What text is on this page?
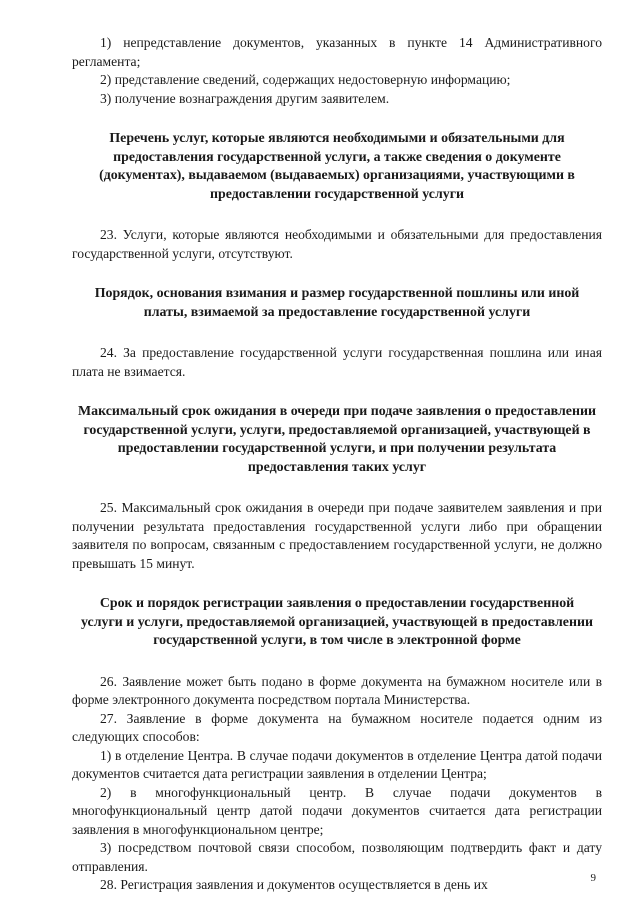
1) непредставление документов, указанных в пункте 14 Административного регламента;

2) представление сведений, содержащих недостоверную информацию;

3) получение вознаграждения другим заявителем.

Перечень услуг, которые являются необходимыми и обязательными для предоставления государственной услуги, а также сведения о документе (документах), выдаваемом (выдаваемых) организациями, участвующими в предоставлении государственной услуги

23. Услуги, которые являются необходимыми и обязательными для предоставления государственной услуги, отсутствуют.

Порядок, основания взимания и размер государственной пошлины или иной платы, взимаемой за предоставление государственной услуги

24. За предоставление государственной услуги государственная пошлина или иная плата не взимается.

Максимальный срок ожидания в очереди при подаче заявления о предоставлении государственной услуги, услуги, предоставляемой организацией, участвующей в предоставлении государственной услуги, и при получении результата предоставления таких услуг

25. Максимальный срок ожидания в очереди при подаче заявителем заявления и при получении результата предоставления государственной услуги либо при обращении заявителя по вопросам, связанным с предоставлением государственной услуги, не должно превышать 15 минут.

Срок и порядок регистрации заявления о предоставлении государственной услуги и услуги, предоставляемой организацией, участвующей в предоставлении государственной услуги, в том числе в электронной форме

26. Заявление может быть подано в форме документа на бумажном носителе или в форме электронного документа посредством портала Министерства.

27. Заявление в форме документа на бумажном носителе подается одним из следующих способов:

1) в отделение Центра. В случае подачи документов в отделение Центра датой подачи документов считается дата регистрации заявления в отделении Центра;

2) в многофункциональный центр. В случае подачи документов в многофункциональный центр датой подачи документов считается дата регистрации заявления в многофункциональном центре;

3) посредством почтовой связи способом, позволяющим подтвердить факт и дату отправления.

28. Регистрация заявления и документов осуществляется в день их	9
